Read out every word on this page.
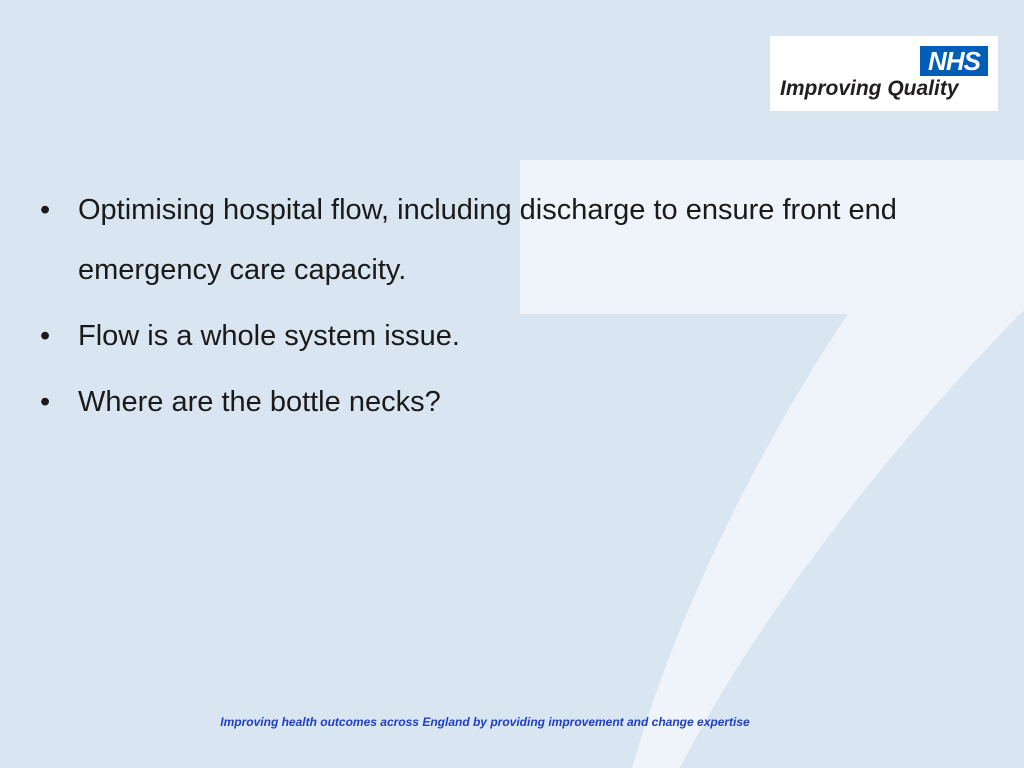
NHS
Improving Quality
• Optimising hospital flow, including discharge to ensure front end emergency care capacity.
• Flow is a whole system issue.
• Where are the bottle necks?
Improving health outcomes across England by providing improvement and change expertise
